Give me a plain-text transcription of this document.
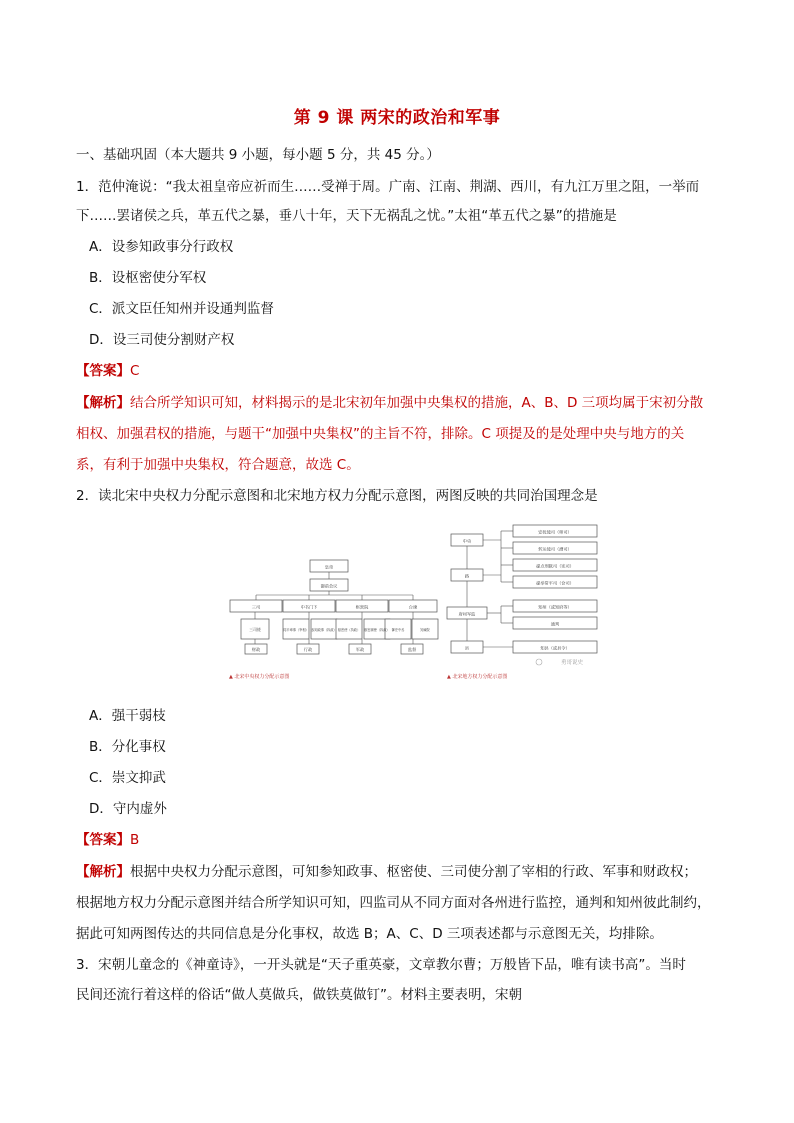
第 9 课 两宋的政治和军事
一、基础巩固（本大题共 9 小题，每小题 5 分，共 45 分。）
1．范仲淹说：“我太祖皇帝应祈而生……受禅于周。广南、江南、荆湖、西川，有九江万里之阻，一举而
下……罢诸侯之兵，革五代之暴，垂八十年，天下无祸乱之忧。”太祖“革五代之暴”的措施是
A．设参知政事分行政权
B．设枢密使分军权
C．派文臣任知州并设通判监督
D．设三司使分割财产权
【答案】C
【解析】结合所学知识可知，材料揭示的是北宋初年加强中央集权的措施，A、B、D 三项均属于宋初分散
相权、加强君权的措施，与题干“加强中央集权”的主旨不符，排除。C 项提及的是处理中央与地方的关
系，有利于加强中央集权，符合题意，故选 C。
2．读北宋中央权力分配示意图和北宋地方权力分配示意图，两图反映的共同治国理念是
皇帝
御前会议
三司	中书门下	枢密院	台谏
三司使	同平章事（宰相） 参知政事（执政） 枢密使（执政） 枢密副使（执政） 御史中丞	知谏院
财政	行政	军政	监督
中央
路
府州军监
县
安抚使司（帅司）
转运使司（漕司）
提点刑狱司（宪司）
提举常平司（仓司）
知州（或知府等）
通判
知县（或县令）
▲ 北宋中央权力分配示意图	▲ 北宋地方权力分配示意图
勇哥说史
A．强干弱枝
B．分化事权
C．崇文抑武
D．守内虚外
【答案】B
【解析】根据中央权力分配示意图，可知参知政事、枢密使、三司使分割了宰相的行政、军事和财政权；
根据地方权力分配示意图并结合所学知识可知，四监司从不同方面对各州进行监控，通判和知州彼此制约，
据此可知两图传达的共同信息是分化事权，故选 B；A、C、D 三项表述都与示意图无关，均排除。
3．宋朝儿童念的《神童诗》，一开头就是“天子重英豪，文章教尔曹；万般皆下品，唯有读书高”。当时
民间还流行着这样的俗话“做人莫做兵，做铁莫做钉”。材料主要表明，宋朝
